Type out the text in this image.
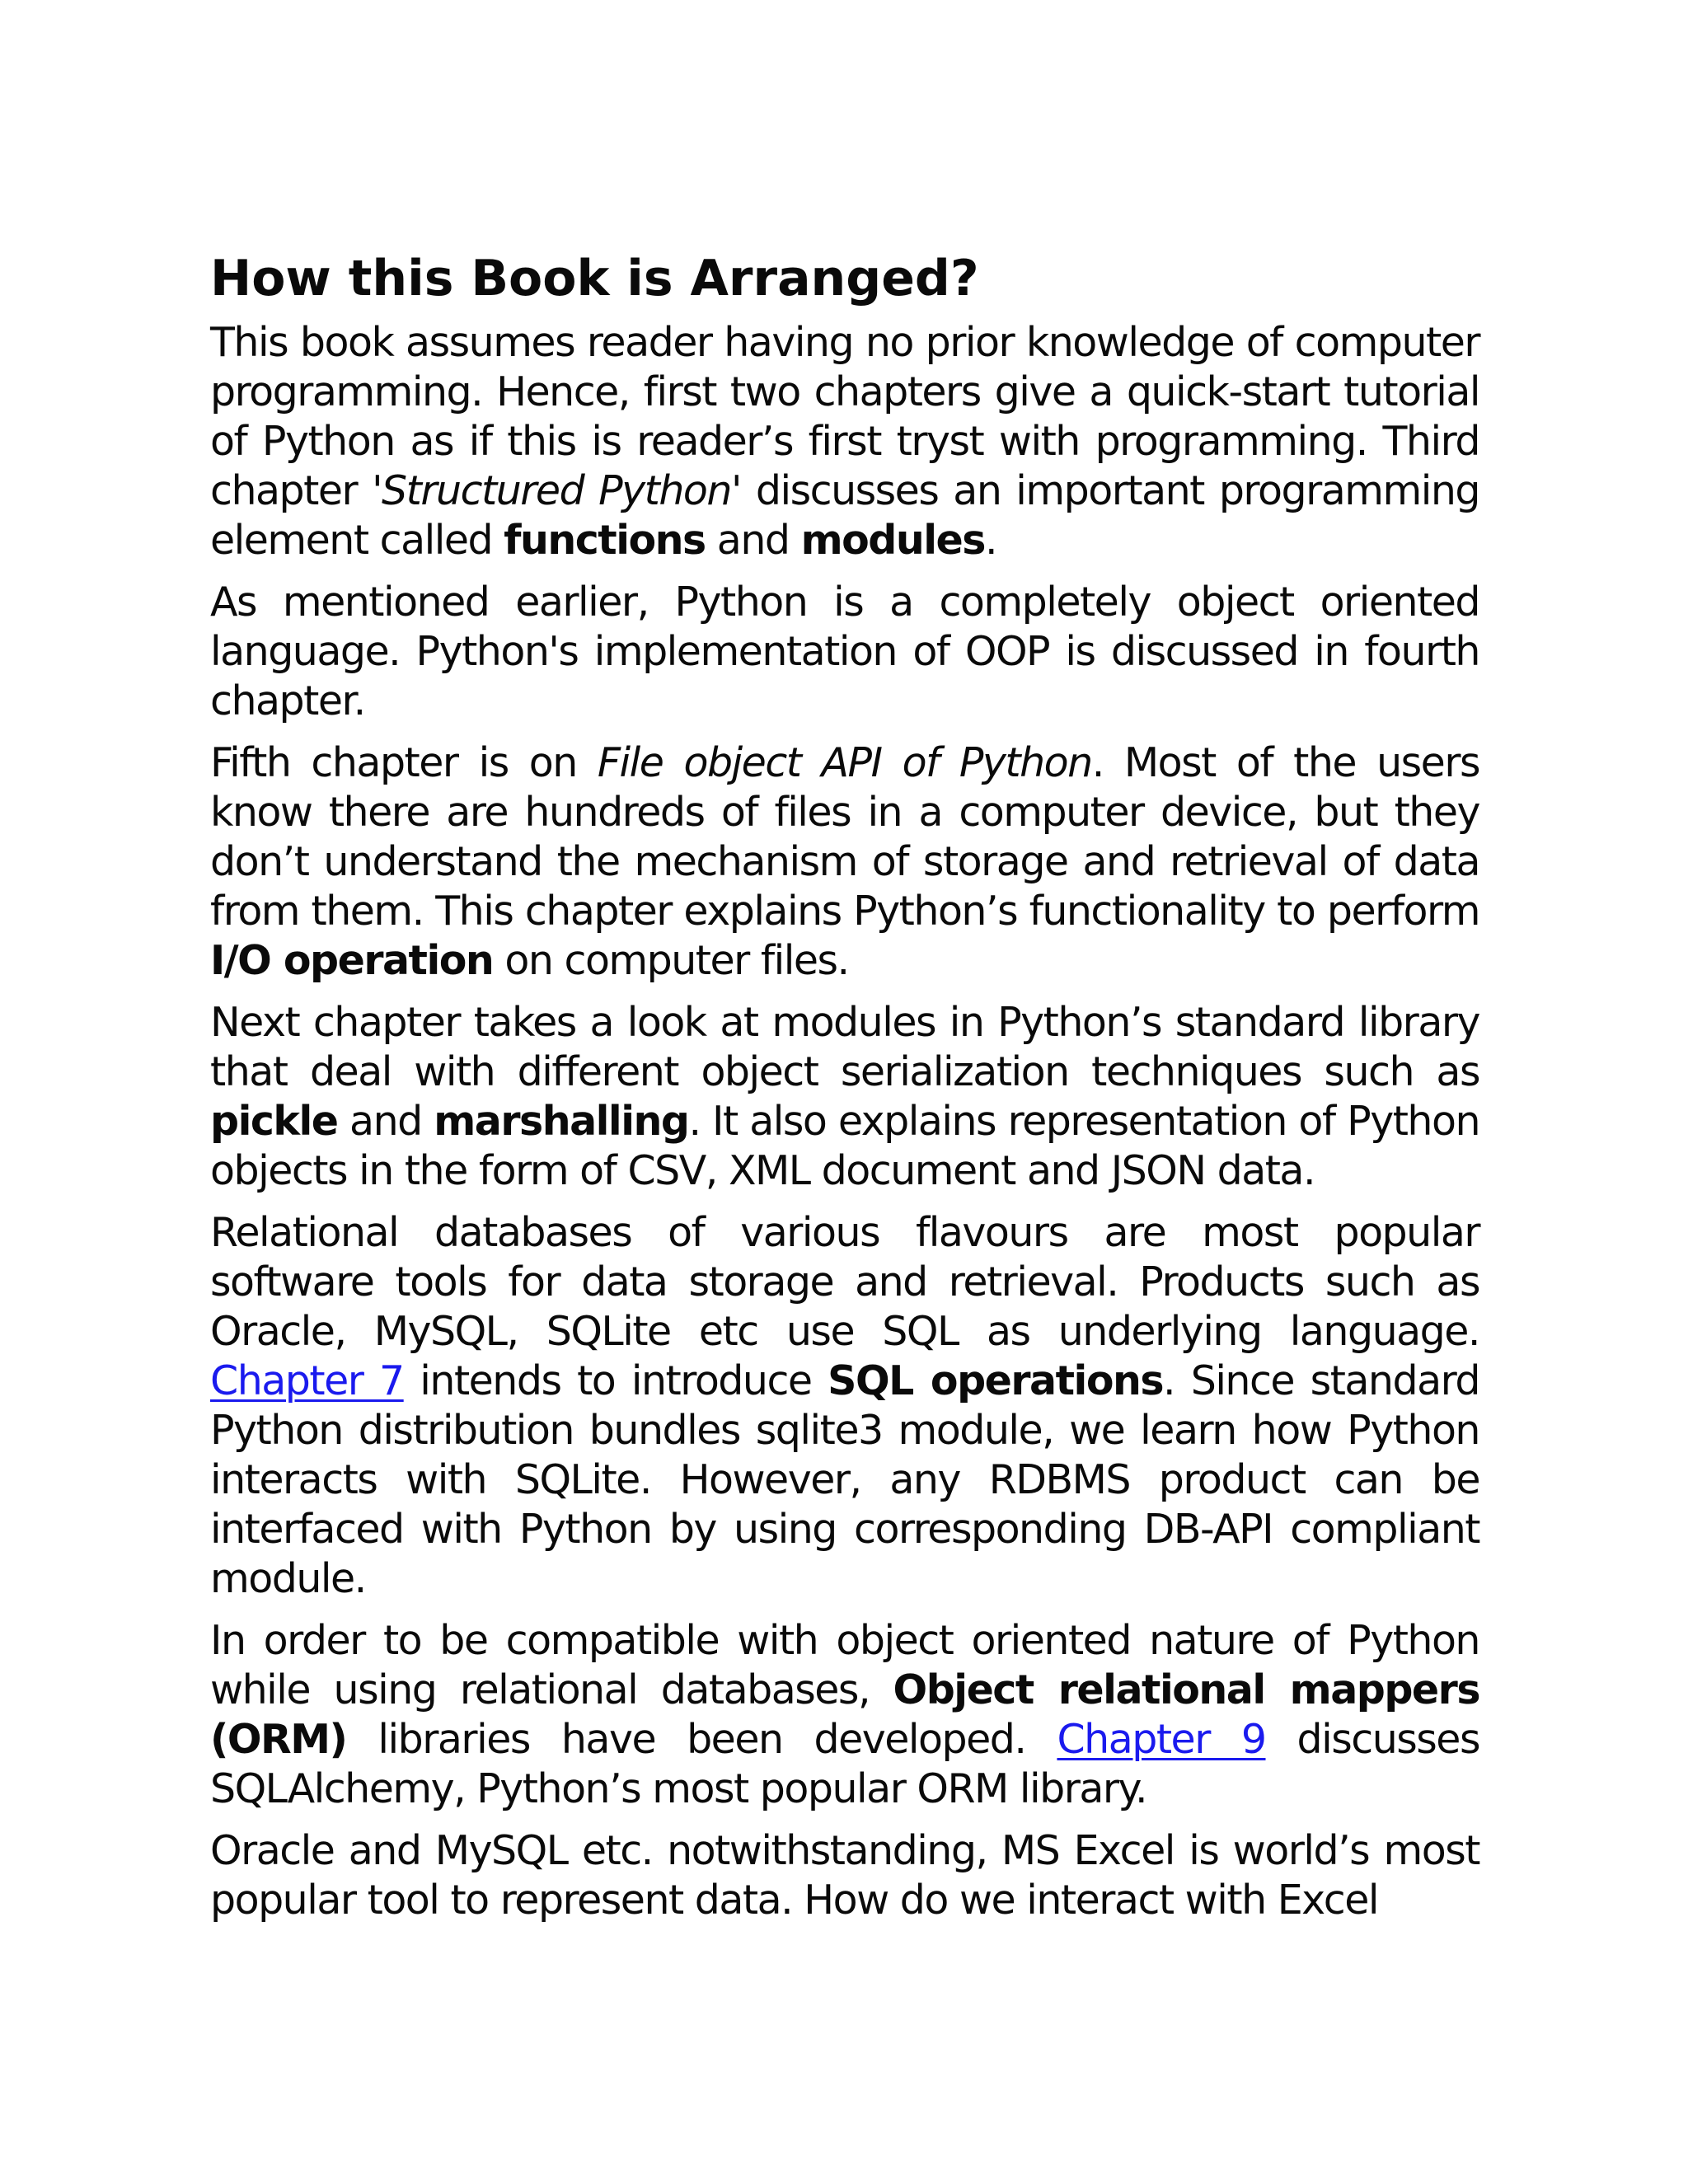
How this Book is Arranged?

This book assumes reader having no prior knowledge of computer programming. Hence, first two chapters give a quick-start tutorial of Python as if this is reader’s first tryst with programming. Third chapter 'Structured Python' discusses an important programming element called functions and modules.

As mentioned earlier, Python is a completely object oriented language. Python's implementation of OOP is discussed in fourth chapter.

Fifth chapter is on File object API of Python. Most of the users know there are hundreds of files in a computer device, but they don’t understand the mechanism of storage and retrieval of data from them. This chapter explains Python’s functionality to perform I/O operation on computer files.

Next chapter takes a look at modules in Python’s standard library that deal with different object serialization techniques such as pickle and marshalling. It also explains representation of Python objects in the form of CSV, XML document and JSON data.

Relational databases of various flavours are most popular software tools for data storage and retrieval. Products such as Oracle, MySQL, SQLite etc use SQL as underlying language. Chapter 7 intends to introduce SQL operations. Since standard Python distribution bundles sqlite3 module, we learn how Python interacts with SQLite. However, any RDBMS product can be interfaced with Python by using corresponding DB-API compliant module.

In order to be compatible with object oriented nature of Python while using relational databases, Object relational mappers (ORM) libraries have been developed. Chapter 9 discusses SQLAlchemy, Python’s most popular ORM library.

Oracle and MySQL etc. notwithstanding, MS Excel is world’s most popular tool to represent data. How do we interact with Excel
